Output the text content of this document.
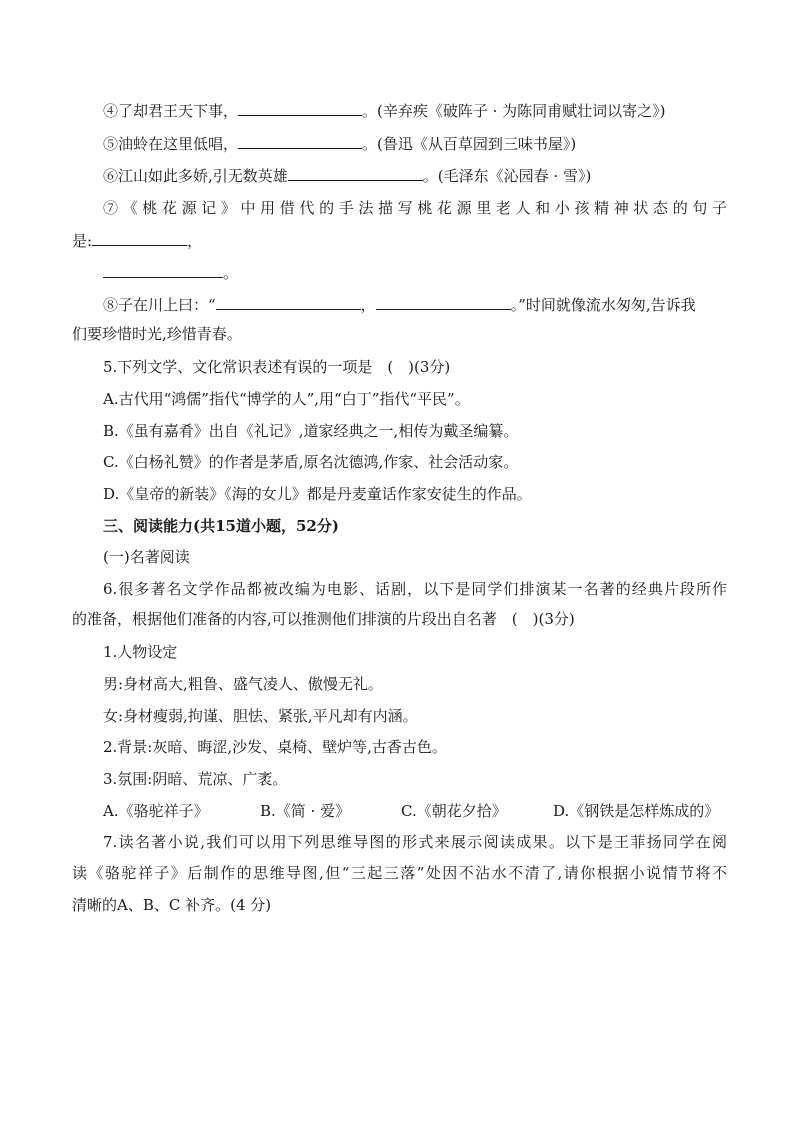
④了却君王天下事，	。(辛弃疾《破阵子 · 为陈同甫赋壮词以寄之》)
⑤油蛉在这里低唱，	。(鲁迅《从百草园到三味书屋》)
⑥江山如此多娇,引无数英雄	。(毛泽东《沁园春 · 雪》)
⑦《桃花源记》中用借代的手法描写桃花源里老人和小孩精神状态的句子
是:	，
。
⑧子在川上曰：“	，	。”时间就像流水匆匆,告诉我
们要珍惜时光,珍惜青春。
5.下列文学、文化常识表述有误的一项是　(　)(3分)
A.古代用“鸿儒”指代“博学的人”,用“白丁”指代“平民”。
B.《虽有嘉肴》出自《礼记》,道家经典之一,相传为戴圣编纂。
C.《白杨礼赞》的作者是茅盾,原名沈德鸿,作家、社会活动家。
D.《皇帝的新装》《海的女儿》都是丹麦童话作家安徒生的作品。
三、阅读能力(共15道小题，52分)
(一)名著阅读
6.很多著名文学作品都被改编为电影、话剧，以下是同学们排演某一名著的经典片段所作
的准备，根据他们准备的内容,可以推测他们排演的片段出自名著　(　)(3分)
1.人物设定
男:身材高大,粗鲁、盛气凌人、傲慢无礼。
女:身材瘦弱,拘谨、胆怯、紧张,平凡却有内涵。
2.背景:灰暗、晦涩,沙发、桌椅、壁炉等,古香古色。
3.氛围:阴暗、荒凉、广袤。
A.《骆驼祥子》	B.《简 · 爱》	C.《朝花夕拾》	D.《钢铁是怎样炼成的》
7.读名著小说,我们可以用下列思维导图的形式来展示阅读成果。以下是王菲扬同学在阅
读《骆驼祥子》后制作的思维导图,但“三起三落”处因不沾水不清了,请你根据小说情节将不
清晰的A、B、C 补齐。(4 分)
